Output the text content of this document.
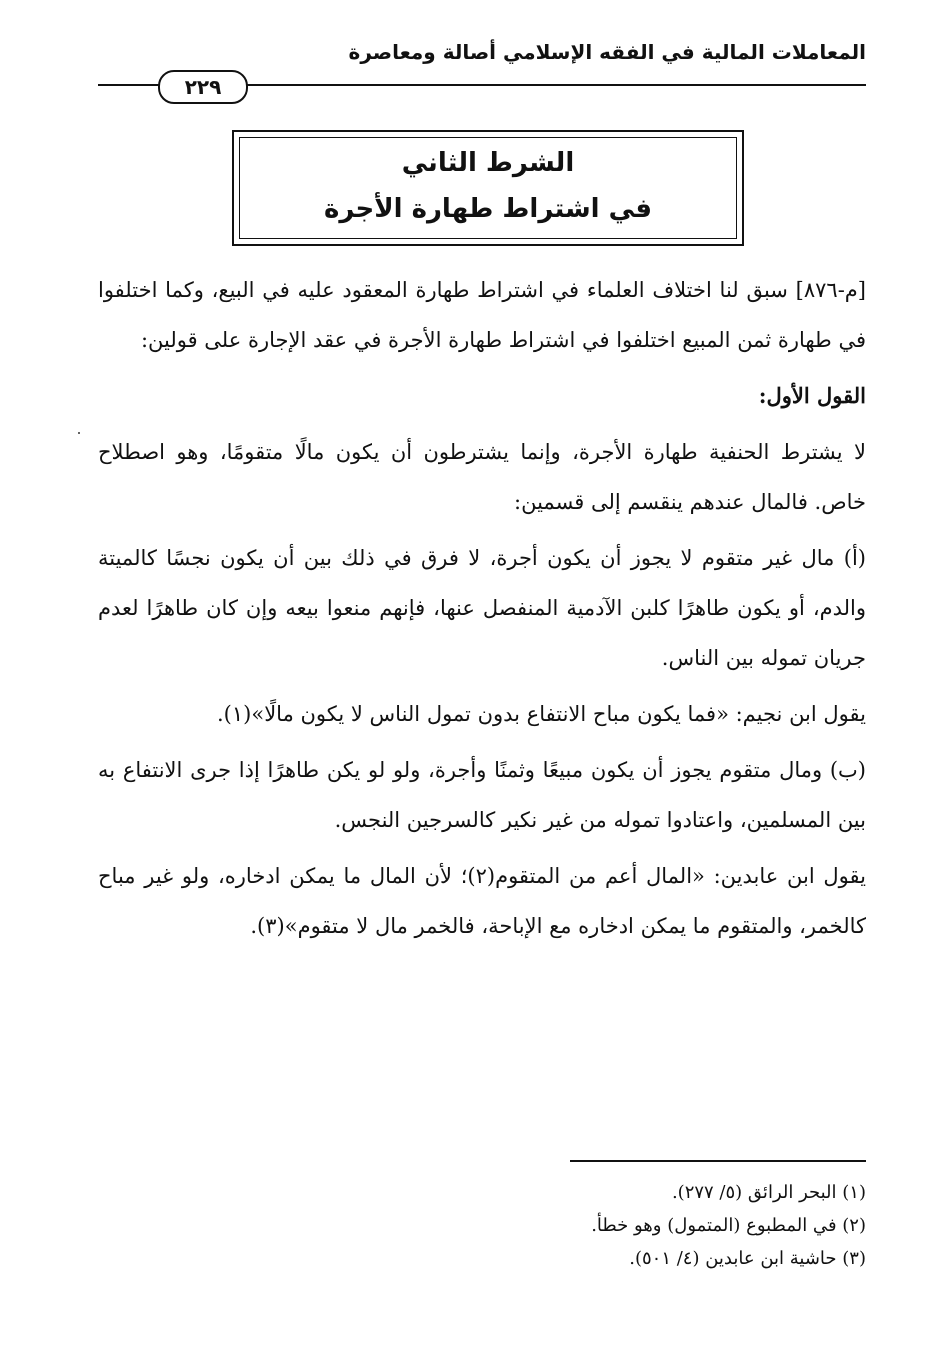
المعاملات المالية في الفقه الإسلامي أصالة ومعاصرة
٢٢٩
الشرط الثاني
في اشتراط طهارة الأجرة

[م-٨٧٦] سبق لنا اختلاف العلماء في اشتراط طهارة المعقود عليه في البيع، وكما اختلفوا في طهارة ثمن المبيع اختلفوا في اشتراط طهارة الأجرة في عقد الإجارة على قولين:

القول الأول:

لا يشترط الحنفية طهارة الأجرة، وإنما يشترطون أن يكون مالًا متقومًا، وهو اصطلاح خاص. فالمال عندهم ينقسم إلى قسمين:

(أ) مال غير متقوم لا يجوز أن يكون أجرة، لا فرق في ذلك بين أن يكون نجسًا كالميتة والدم، أو يكون طاهرًا كلبن الآدمية المنفصل عنها، فإنهم منعوا بيعه وإن كان طاهرًا لعدم جريان تموله بين الناس.

يقول ابن نجيم: «فما يكون مباح الانتفاع بدون تمول الناس لا يكون مالًا»(١).

(ب) ومال متقوم يجوز أن يكون مبيعًا وثمنًا وأجرة، ولو لو يكن طاهرًا إذا جرى الانتفاع به بين المسلمين، واعتادوا تموله من غير نكير كالسرجين النجس.

يقول ابن عابدين: «المال أعم من المتقوم(٢)؛ لأن المال ما يمكن ادخاره، ولو غير مباح كالخمر، والمتقوم ما يمكن ادخاره مع الإباحة، فالخمر مال لا متقوم»(٣).

(١) البحر الرائق (٥/ ٢٧٧).
(٢) في المطبوع (المتمول) وهو خطأ.
(٣) حاشية ابن عابدين (٤/ ٥٠١).
